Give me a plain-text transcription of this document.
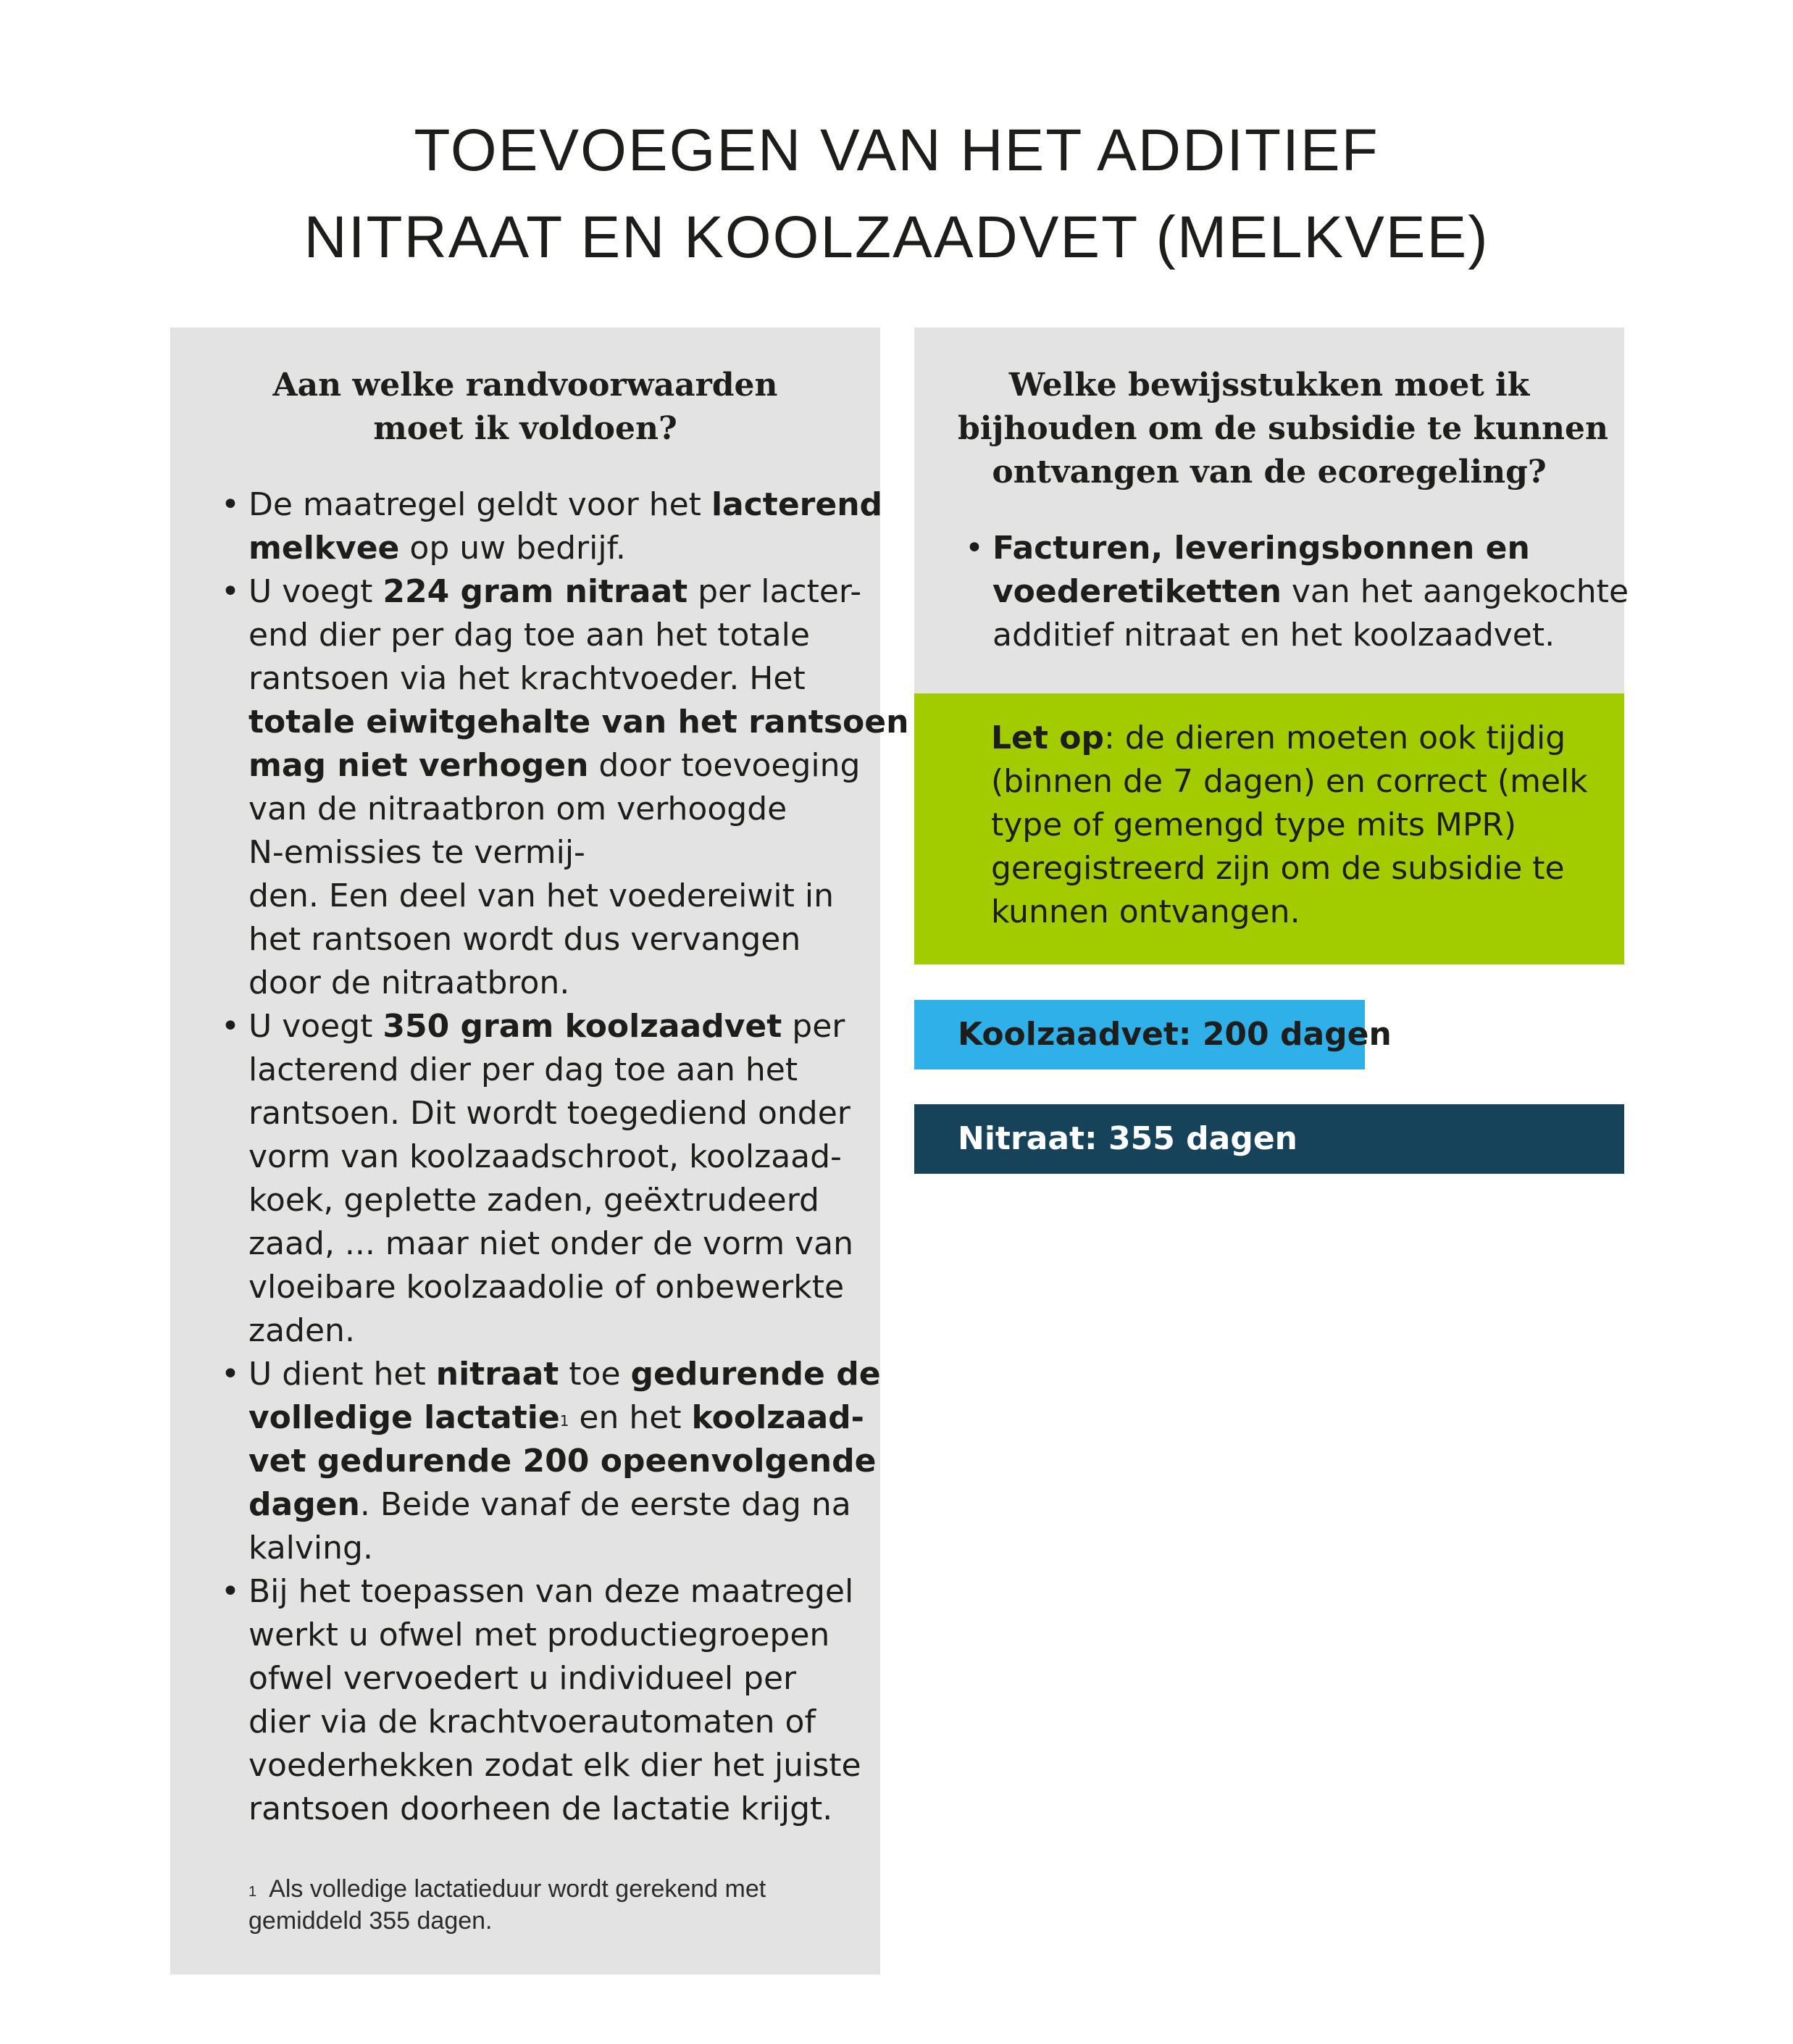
TOEVOEGEN VAN HET ADDITIEF
NITRAAT EN KOOLZAADVET (MELKVEE)
Aan welke randvoorwaarden
moet ik voldoen?
• De maatregel geldt voor het lacterend
melkvee op uw bedrijf.
• U voegt 224 gram nitraat per lacter-
end dier per dag toe aan het totale
rantsoen via het krachtvoeder. Het
totale eiwitgehalte van het rantsoen
mag niet verhogen door toevoeging
van de nitraatbron om verhoogde
N-emissies te vermij-
den. Een deel van het voedereiwit in
het rantsoen wordt dus vervangen
door de nitraatbron.
• U voegt 350 gram koolzaadvet per
lacterend dier per dag toe aan het
rantsoen. Dit wordt toegediend onder
vorm van koolzaadschroot, koolzaad-
koek, geplette zaden, geëxtrudeerd
zaad, ... maar niet onder de vorm van
vloeibare koolzaadolie of onbewerkte
zaden.
• U dient het nitraat toe gedurende de
volledige lactatie$^1$ en het koolzaad-
vet gedurende 200 opeenvolgende
dagen. Beide vanaf de eerste dag na
kalving.
• Bij het toepassen van deze maatregel
werkt u ofwel met productiegroepen
ofwel vervoedert u individueel per
dier via de krachtvoerautomaten of
voederhekken zodat elk dier het juiste
rantsoen doorheen de lactatie krijgt.
$^1$ Als volledige lactatieduur wordt gerekend met
gemiddeld 355 dagen.
Welke bewijsstukken moet ik
bijhouden om de subsidie te kunnen
ontvangen van de ecoregeling?
• Facturen, leveringsbonnen en
voederetiketten van het aangekochte
additief nitraat en het koolzaadvet.
Let op: de dieren moeten ook tijdig
(binnen de 7 dagen) en correct (melk
type of gemengd type mits MPR)
geregistreerd zijn om de subsidie te
kunnen ontvangen.
Koolzaadvet: 200 dagen
Nitraat: 355 dagen
